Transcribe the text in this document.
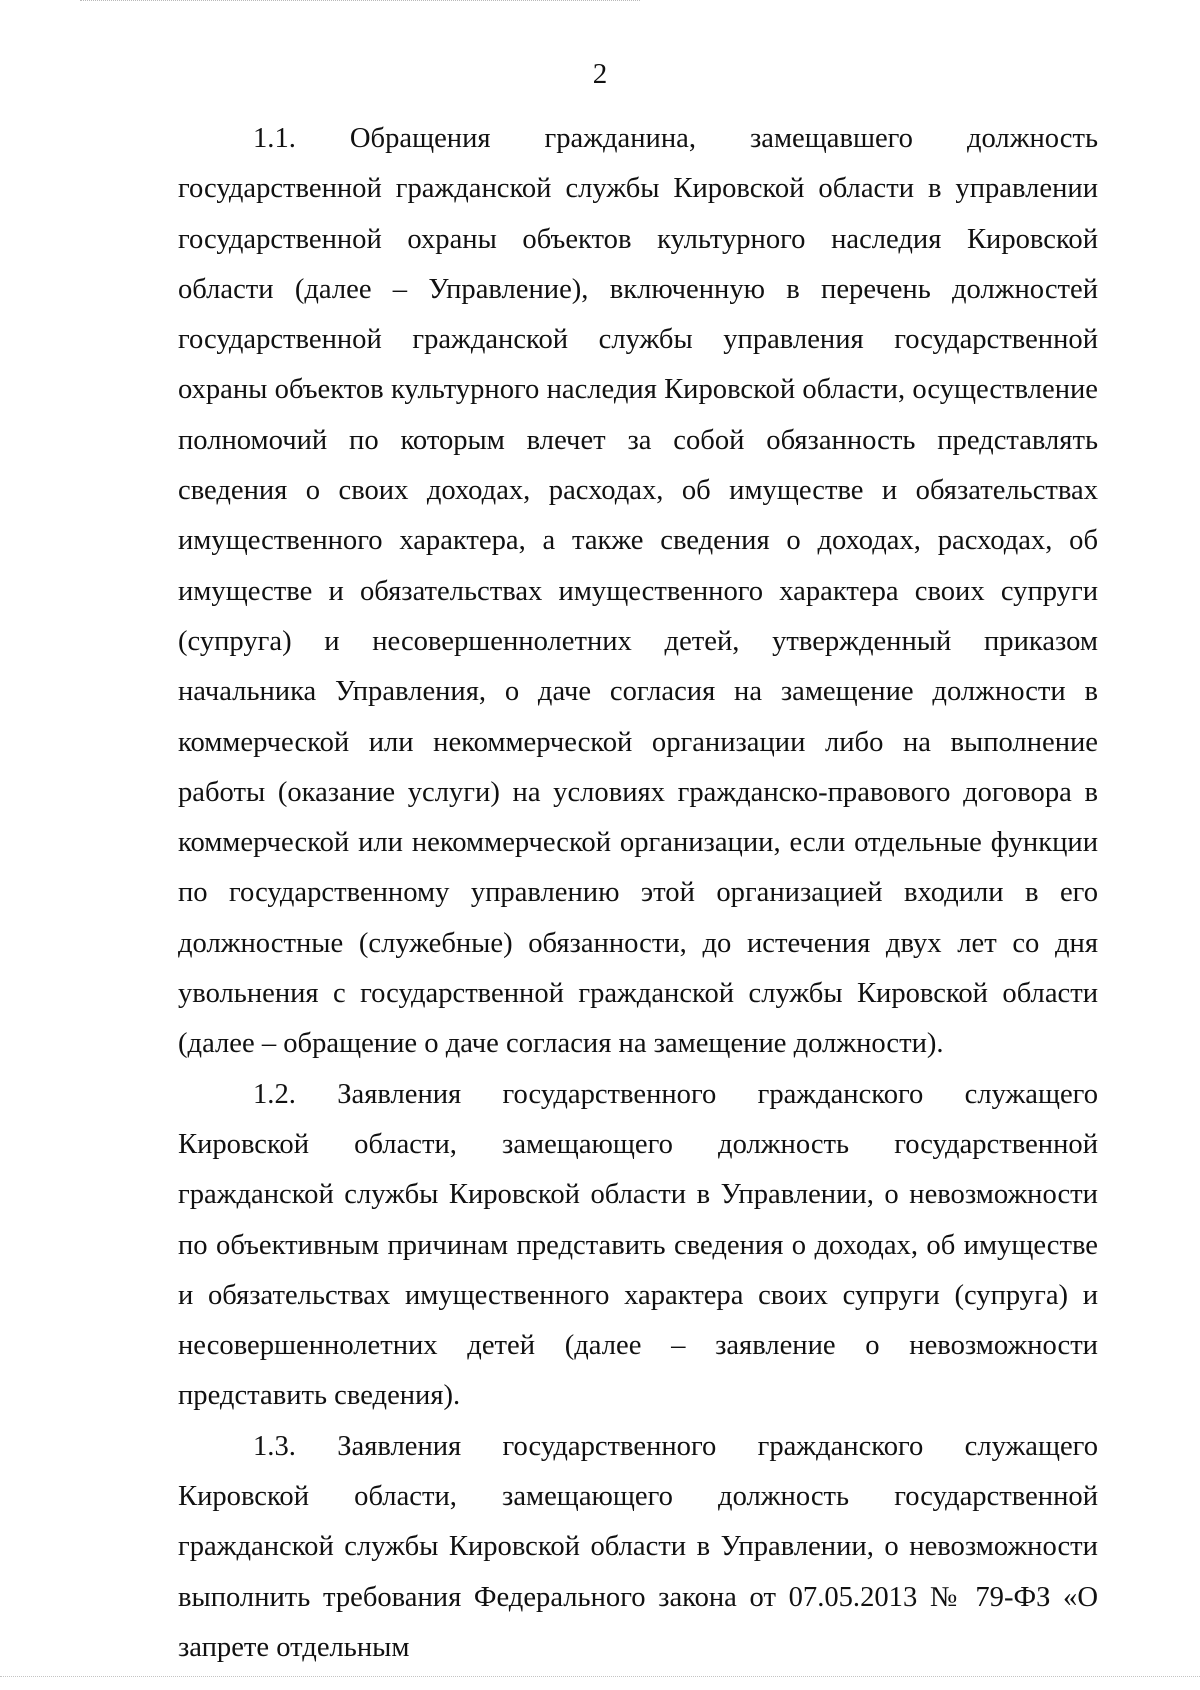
2

1.1. Обращения гражданина, замещавшего должность государственной гражданской службы Кировской области в управлении государственной охраны объектов культурного наследия Кировской области (далее – Управление), включенную в перечень должностей государственной гражданской службы управления государственной охраны объектов культурного наследия Кировской области, осуществление полномочий по которым влечет за собой обязанность представлять сведения о своих доходах, расходах, об имуществе и обязательствах имущественного характера, а также сведения о доходах, расходах, об имуществе и обязательствах имущественного характера своих супруги (супруга) и несовершеннолетних детей, утвержденный приказом начальника Управления, о даче согласия на замещение должности в коммерческой или некоммерческой организации либо на выполнение работы (оказание услуги) на условиях гражданско-правового договора в коммерческой или некоммерческой организации, если отдельные функции по государственному управлению этой организацией входили в его должностные (служебные) обязанности, до истечения двух лет со дня увольнения с государственной гражданской службы Кировской области (далее – обращение о даче согласия на замещение должности).

1.2. Заявления государственного гражданского служащего Кировской области, замещающего должность государственной гражданской службы Кировской области в Управлении, о невозможности по объективным причинам представить сведения о доходах, об имуществе и обязательствах имущественного характера своих супруги (супруга) и несовершеннолетних детей (далее – заявление о невозможности представить сведения).

1.3. Заявления государственного гражданского служащего Кировской области, замещающего должность государственной гражданской службы Кировской области в Управлении, о невозможности выполнить требования Федерального закона от 07.05.2013 № 79-ФЗ «О запрете отдельным
